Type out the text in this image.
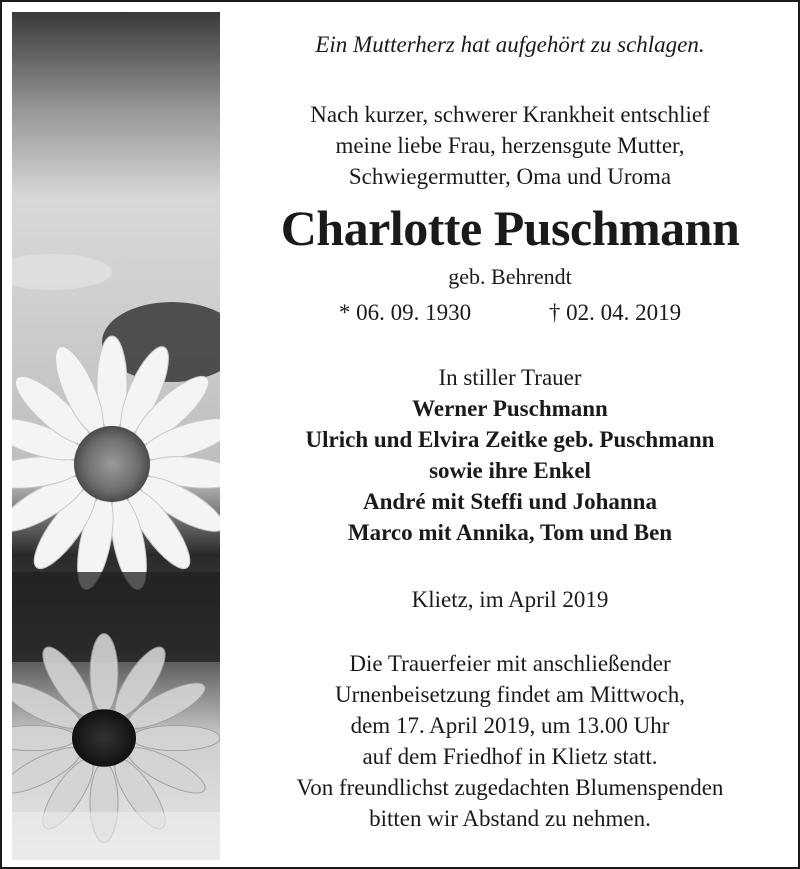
Ein Mutterherz hat aufgehört zu schlagen.
Nach kurzer, schwerer Krankheit entschlief
meine liebe Frau, herzensgute Mutter,
Schwiegermutter, Oma und Uroma
Charlotte Puschmann
geb. Behrendt
* 06. 09. 1930	† 02. 04. 2019
In stiller Trauer
Werner Puschmann
Ulrich und Elvira Zeitke geb. Puschmann
sowie ihre Enkel
André mit Steffi und Johanna
Marco mit Annika, Tom und Ben
Klietz, im April 2019
Die Trauerfeier mit anschließender
Urnenbeisetzung findet am Mittwoch,
dem 17. April 2019, um 13.00 Uhr
auf dem Friedhof in Klietz statt.
Von freundlichst zugedachten Blumenspenden
bitten wir Abstand zu nehmen.
